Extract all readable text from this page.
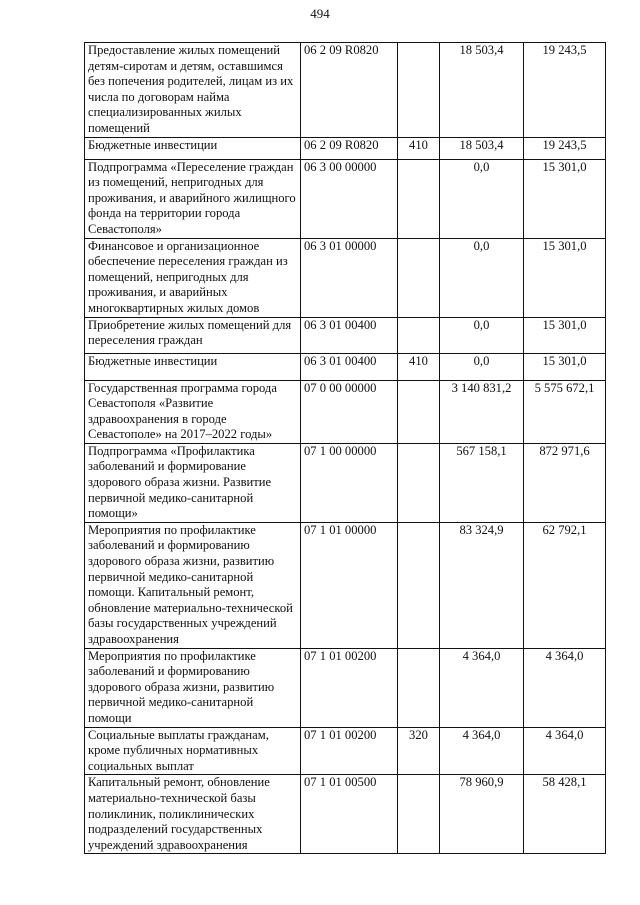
494
Предоставление жилых помещений детям-сиротам и детям, оставшимся без попечения родителей, лицам из их числа по договорам найма специализированных жилых помещений	06 2 09 R0820		18 503,4	19 243,5
Бюджетные инвестиции	06 2 09 R0820	410	18 503,4	19 243,5
Подпрограмма «Переселение граждан из помещений, непригодных для проживания, и аварийного жилищного фонда на территории города Севастополя»	06 3 00 00000		0,0	15 301,0
Финансовое и организационное обеспечение переселения граждан из помещений, непригодных для проживания, и аварийных многоквартирных жилых домов	06 3 01 00000		0,0	15 301,0
Приобретение жилых помещений для переселения граждан	06 3 01 00400		0,0	15 301,0
Бюджетные инвестиции	06 3 01 00400	410	0,0	15 301,0
Государственная программа города Севастополя «Развитие здравоохранения в городе Севастополе» на 2017–2022 годы»	07 0 00 00000		3 140 831,2	5 575 672,1
Подпрограмма «Профилактика заболеваний и формирование здорового образа жизни. Развитие первичной медико-санитарной помощи»	07 1 00 00000		567 158,1	872 971,6
Мероприятия по профилактике заболеваний и формированию здорового образа жизни, развитию первичной медико-санитарной помощи. Капитальный ремонт, обновление материально-технической базы государственных учреждений здравоохранения	07 1 01 00000		83 324,9	62 792,1
Мероприятия по профилактике заболеваний и формированию здорового образа жизни, развитию первичной медико-санитарной помощи	07 1 01 00200		4 364,0	4 364,0
Социальные выплаты гражданам, кроме публичных нормативных социальных выплат	07 1 01 00200	320	4 364,0	4 364,0
Капитальный ремонт, обновление материально-технической базы поликлиник, поликлинических подразделений государственных учреждений здравоохранения	07 1 01 00500		78 960,9	58 428,1
